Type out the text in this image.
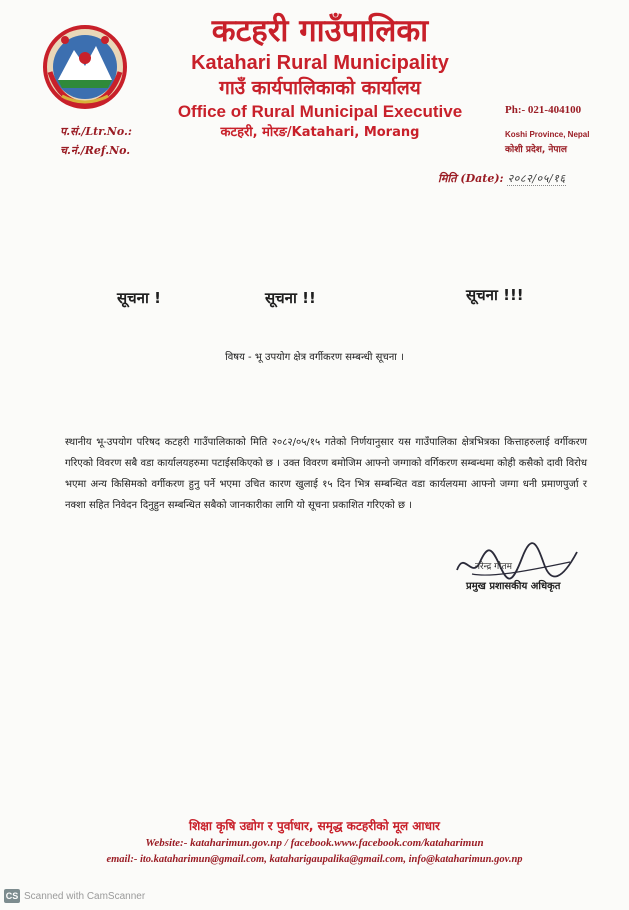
कटहरी गाउँपालिका
Katahari Rural Municipality
गाउँ कार्यपालिकाको कार्यालय
Office of Rural Municipal Executive
कटहरी, मोरङ/Katahari, Morang
प.सं./Ltr.No.:
च.नं./Ref.No.
Ph:- 021-404100
Koshi Province, Nepal
कोशी प्रदेश, नेपाल
मिति (Date): २०८२/०५/१६
सूचना !	सूचना !!	सूचना !!!
विषय - भू उपयोग क्षेत्र वर्गीकरण सम्बन्धी सूचना ।
स्थानीय भू-उपयोग परिषद कटहरी गाउँपालिकाको मिति २०८२/०५/१५ गतेको निर्णयानुसार यस गाउँपालिका क्षेत्रभित्रका कित्ताहरुलाई वर्गीकरण गरिएको विवरण सबै वडा कार्यालयहरुमा पटाईसकिएको छ । उक्त विवरण बमोजिम आफ्नो जग्गाको वर्गिकरण सम्बन्धमा कोही कसैको दावी विरोध भएमा अन्य किसिमको वर्गीकरण हुनु पर्ने भएमा उचित कारण खुलाई १५ दिन भित्र सम्बन्धित वडा कार्यलयमा आफ्नो जग्गा धनी प्रमाणपुर्जा र नक्शा सहित निवेदन दिनुहुन सम्बन्धित सबैको जानकारीका लागि यो सूचना प्रकाशित गरिएको छ ।
नरेन्द्र गौतम
प्रमुख प्रशासकीय अधिकृत
शिक्षा कृषि उद्योग र पुर्वाधार, समृद्ध कटहरीको मूल आधार
Website:- kataharimun.gov.np / facebook.www.facebook.com/kataharimun
email:- ito.kataharimun@gmail.com, kataharigaupalika@gmail.com, info@kataharimun.gov.np
CS Scanned with CamScanner
